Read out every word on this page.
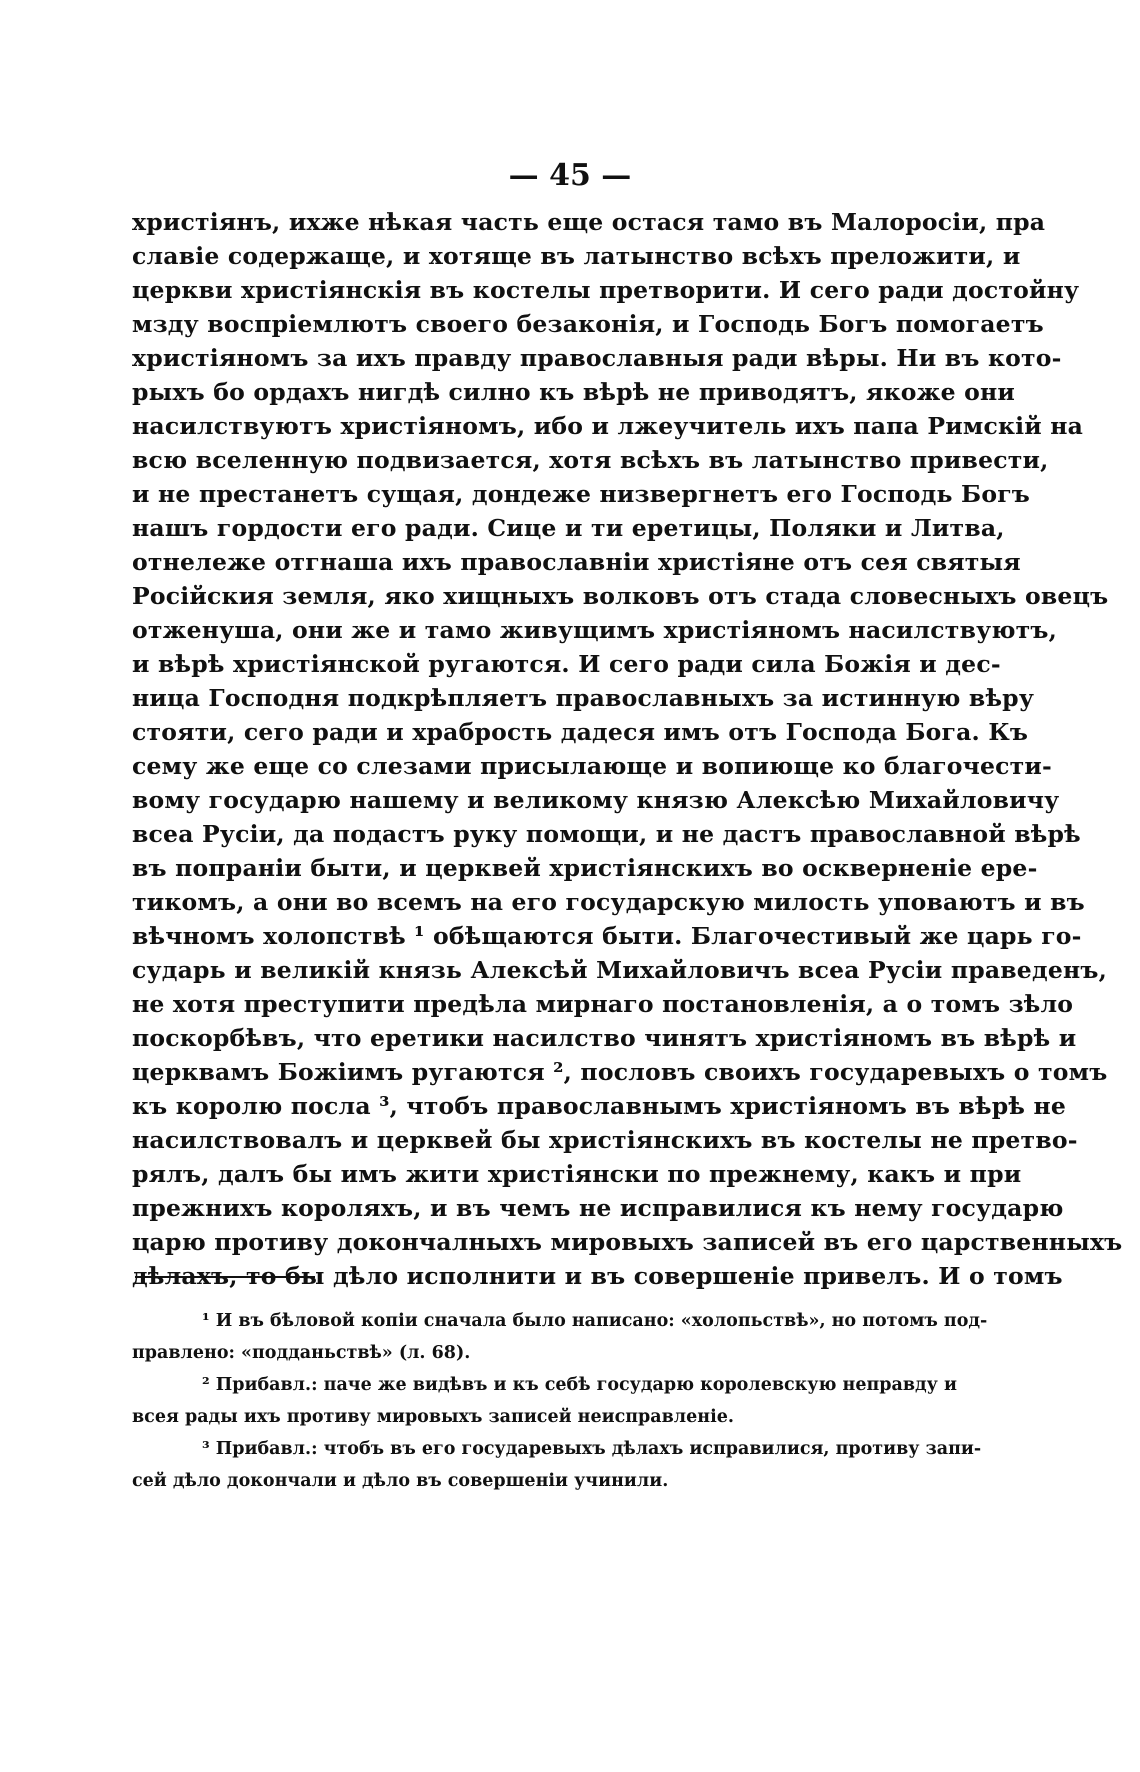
— 45 —
христіянъ, ихже нѣкая часть еще остася тамо въ Малоросіи, пра
славіе содержаще, и хотяще въ латынство всѣхъ преложити, и
церкви христіянскія въ костелы претворити. И сего ради достойну
мзду воспріемлютъ своего безаконія, и Господь Богъ помогаетъ
христіяномъ за ихъ правду православныя ради вѣры. Ни въ кото-
рыхъ бо ордахъ нигдѣ силно къ вѣрѣ не приводятъ, якоже они
насилствуютъ христіяномъ, ибо и лжеучитель ихъ папа Римскій на
всю вселенную подвизается, хотя всѣхъ въ латынство привести,
и не престанетъ сущая, дондеже низвергнетъ его Господь Богъ
нашъ гордости его ради. Сице и ти еретицы, Поляки и Литва,
отнележе отгнаша ихъ православніи христіяне отъ сея святыя
Російския земля, яко хищныхъ волковъ отъ стада словесныхъ овецъ
отженуша, они же и тамо живущимъ христіяномъ насилствуютъ,
и вѣрѣ христіянской ругаются. И сего ради сила Божія и дес-
ница Господня подкрѣпляетъ православныхъ за истинную вѣру
стояти, сего ради и храбрость дадеся имъ отъ Господа Бога. Къ
сему же еще со слезами присылающе и вопиюще ко благочести-
вому государю нашему и великому князю Алексѣю Михайловичу
всеа Русіи, да подастъ руку помощи, и не дастъ православной вѣрѣ
въ попраніи быти, и церквей христіянскихъ во оскверненіе ере-
тикомъ, а они во всемъ на его государскую милость уповаютъ и въ
вѣчномъ холопствѣ ¹ обѣщаются быти. Благочестивый же царь го-
сударь и великій князь Алексѣй Михайловичъ всеа Русіи праведенъ,
не хотя преступити предѣла мирнаго постановленія, а о томъ зѣло
поскорбѣвъ, что еретики насилство чинятъ христіяномъ въ вѣрѣ и
церквамъ Божіимъ ругаются ², пословъ своихъ государевыхъ о томъ
къ королю посла ³, чтобъ православнымъ христіяномъ въ вѣрѣ не
насилствовалъ и церквей бы христіянскихъ въ костелы не претво-
рялъ, далъ бы имъ жити христіянски по прежнему, какъ и при
прежнихъ короляхъ, и въ чемъ не исправилися къ нему государю
царю противу докончалныхъ мировыхъ записей въ его царственныхъ
дѣлахъ, то бы дѣло исполнити и въ совершеніе привелъ. И о томъ
¹ И въ бѣловой копіи сначала было написано: «холопьствѣ», но потомъ под-
правлено: «подданьствѣ» (л. 68).
² Прибавл.: паче же видѣвъ и къ себѣ государю королевскую неправду и
всея рады ихъ противу мировыхъ записей неисправленіе.
³ Прибавл.: чтобъ въ его государевыхъ дѣлахъ исправилися, противу запи-
сей дѣло докончали и дѣло въ совершеніи учинили.
